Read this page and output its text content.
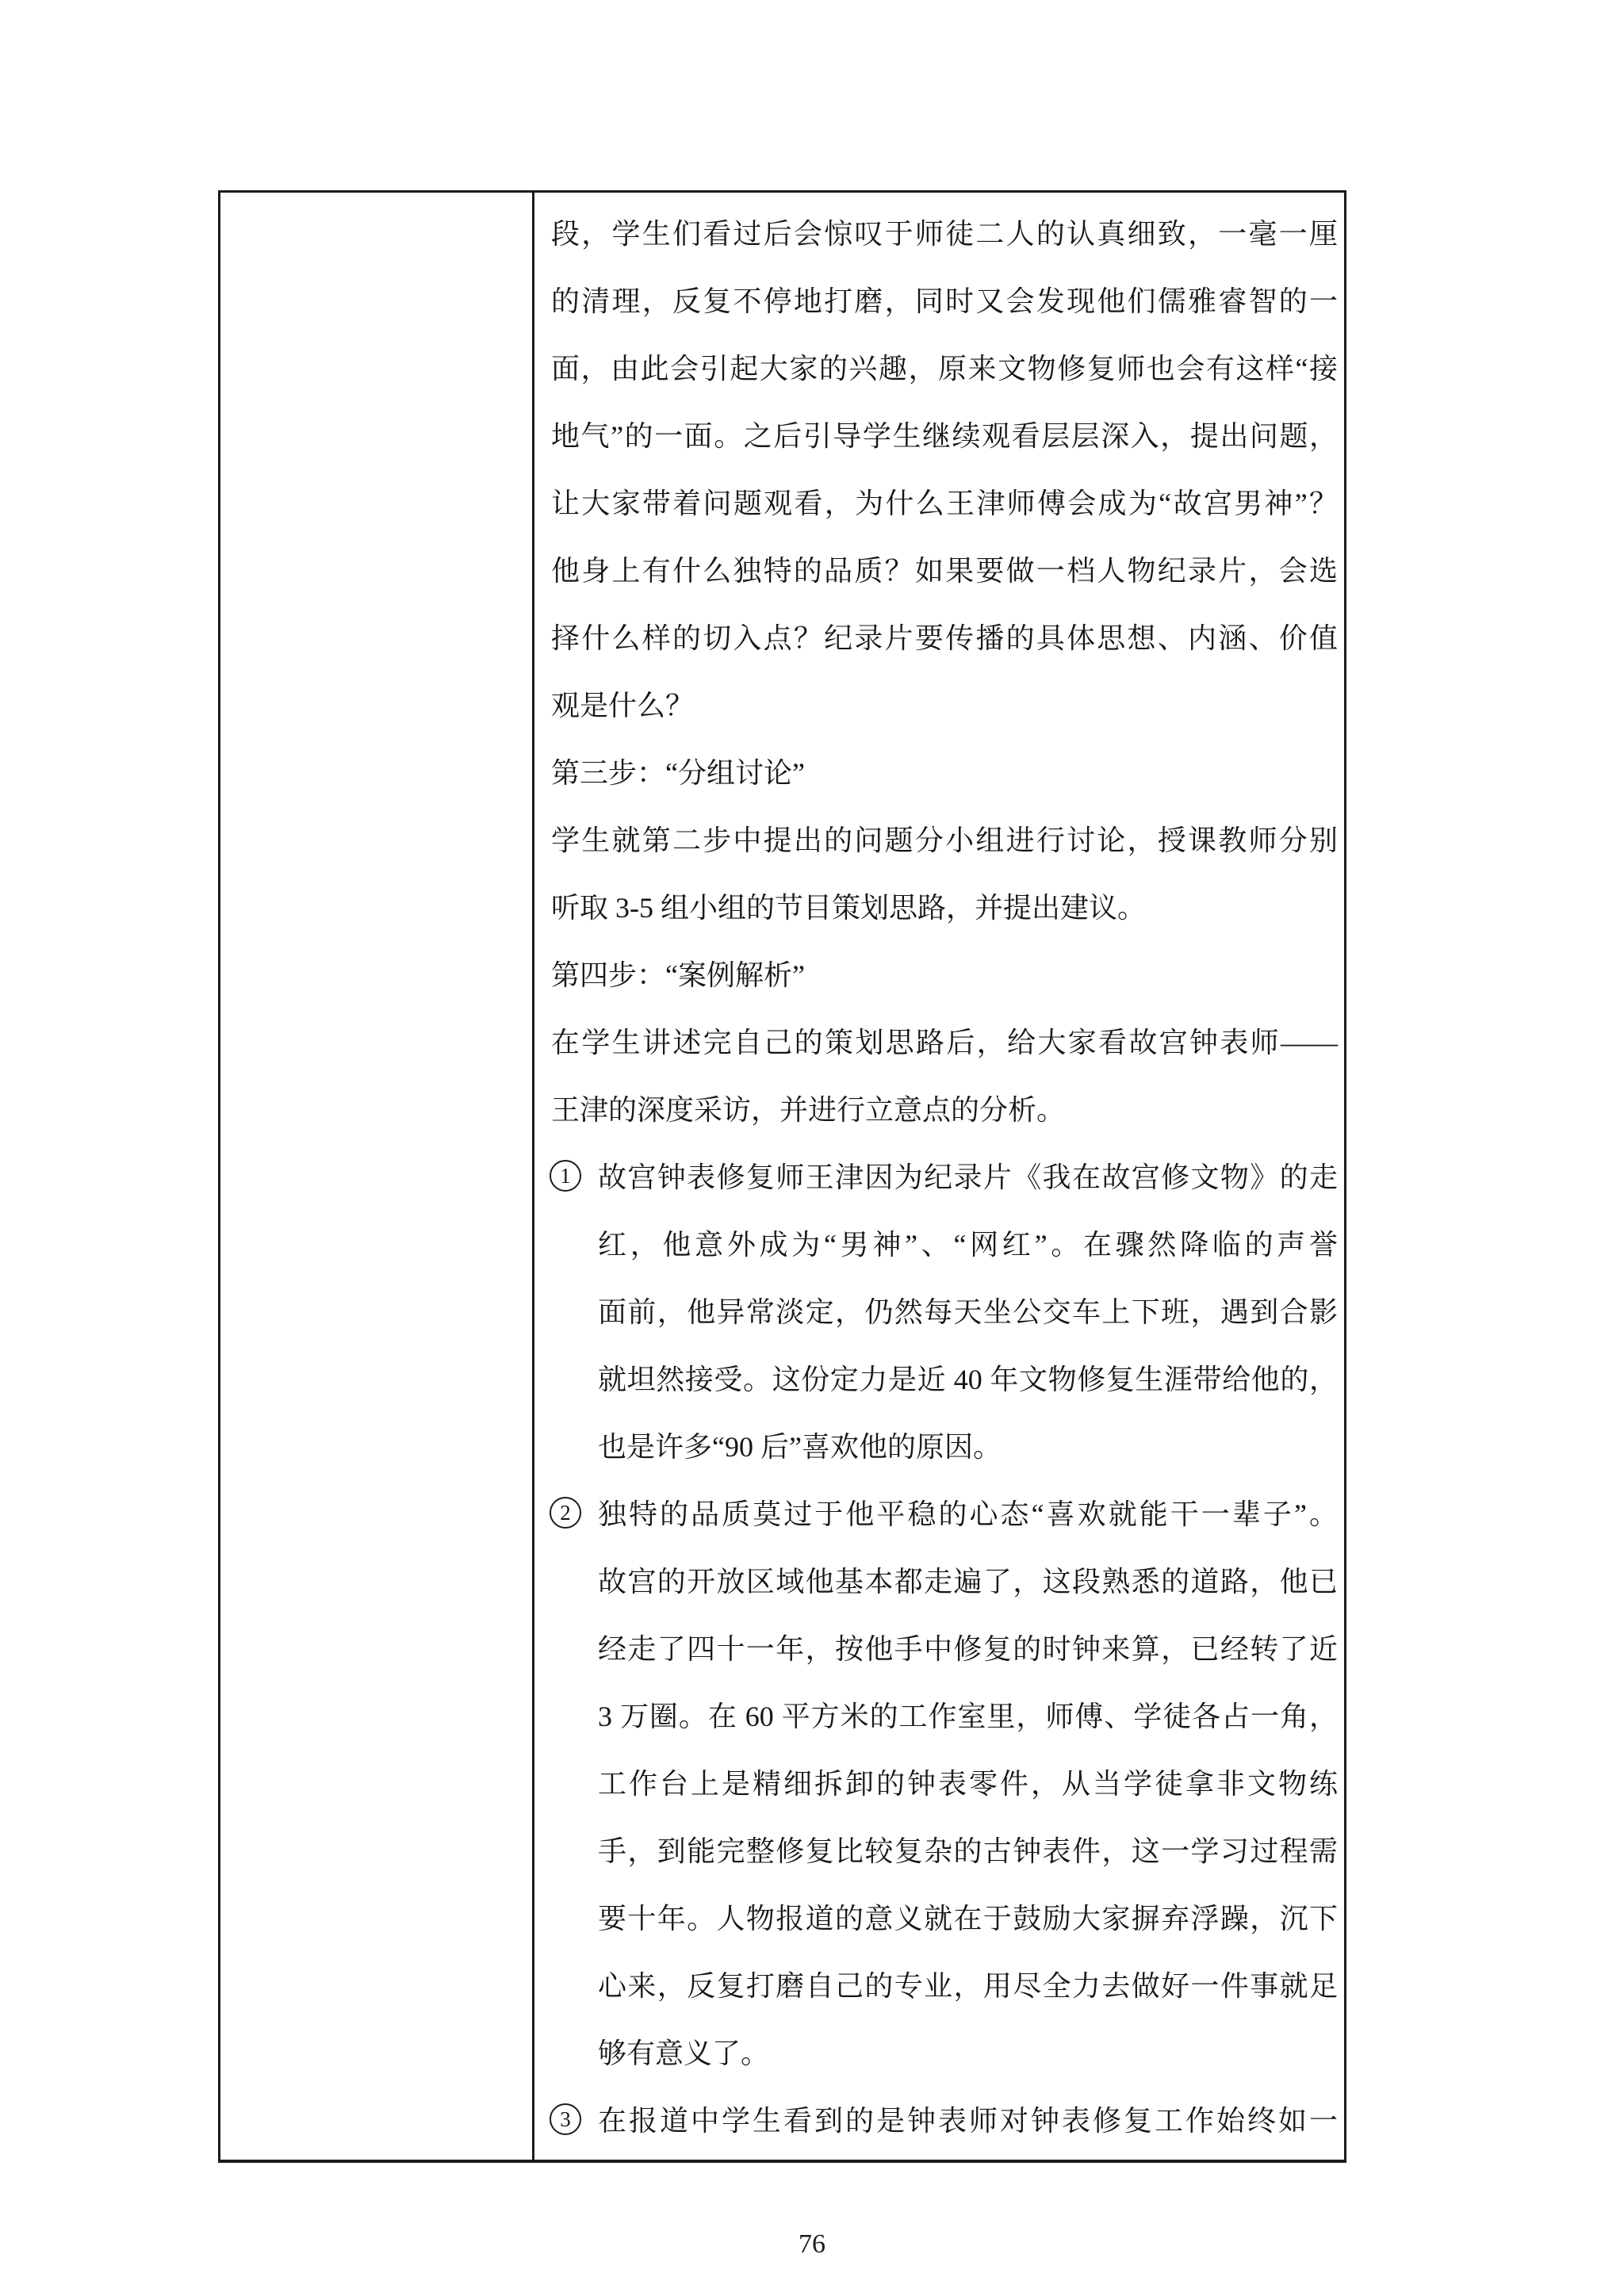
段，学生们看过后会惊叹于师徒二人的认真细致，一毫一厘
的清理，反复不停地打磨，同时又会发现他们儒雅睿智的一
面，由此会引起大家的兴趣，原来文物修复师也会有这样“接
地气”的一面。之后引导学生继续观看层层深入，提出问题，
让大家带着问题观看，为什么王津师傅会成为“故宫男神”？
他身上有什么独特的品质？如果要做一档人物纪录片，会选
择什么样的切入点？纪录片要传播的具体思想、内涵、价值
观是什么？
第三步：“分组讨论”
学生就第二步中提出的问题分小组进行讨论，授课教师分别
听取 3-5 组小组的节目策划思路，并提出建议。
第四步：“案例解析”
在学生讲述完自己的策划思路后，给大家看故宫钟表师——
王津的深度采访，并进行立意点的分析。
1 故宫钟表修复师王津因为纪录片《我在故宫修文物》的走
红，他意外成为“男神”、“网红”。在骤然降临的声誉
面前，他异常淡定，仍然每天坐公交车上下班，遇到合影
就坦然接受。这份定力是近 40 年文物修复生涯带给他的，
也是许多“90 后”喜欢他的原因。
2 独特的品质莫过于他平稳的心态“喜欢就能干一辈子”。
故宫的开放区域他基本都走遍了，这段熟悉的道路，他已
经走了四十一年，按他手中修复的时钟来算，已经转了近
3 万圈。在 60 平方米的工作室里，师傅、学徒各占一角，
工作台上是精细拆卸的钟表零件，从当学徒拿非文物练
手，到能完整修复比较复杂的古钟表件，这一学习过程需
要十年。人物报道的意义就在于鼓励大家摒弃浮躁，沉下
心来，反复打磨自己的专业，用尽全力去做好一件事就足
够有意义了。
3 在报道中学生看到的是钟表师对钟表修复工作始终如一
76
